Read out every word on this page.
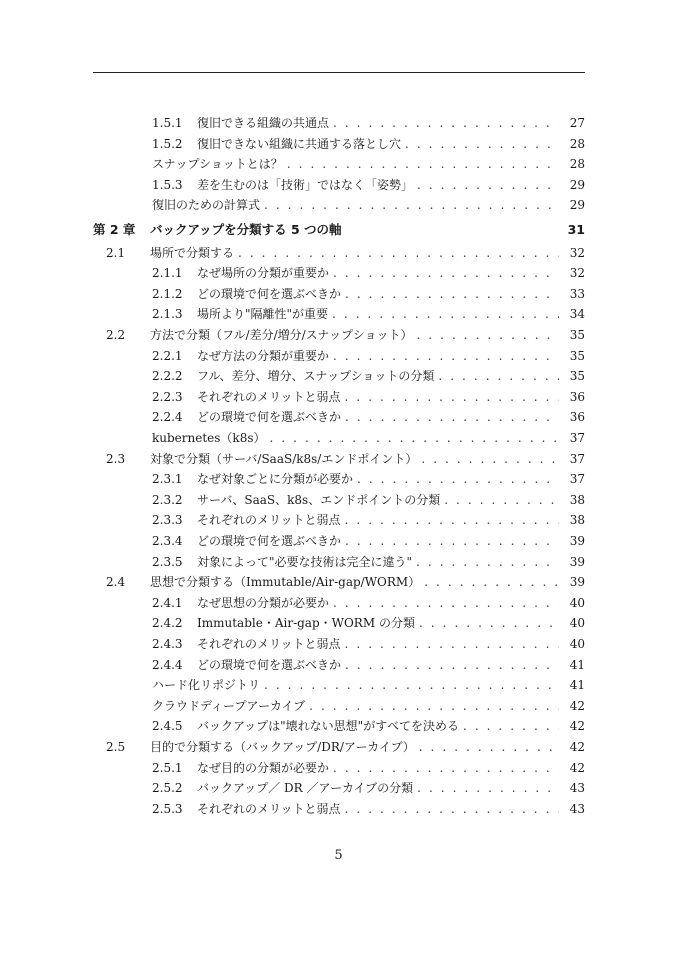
1.5.1 復旧できる組織の共通点 . . .	27
1.5.2 復旧できない組織に共通する落とし穴 . . .	28
スナップショットとは？ . . .	28
1.5.3 差を生むのは「技術」ではなく「姿勢」 . . .	29
復旧のための計算式 . . .	29
第 2 章 バックアップを分類する 5 つの軸	31
2.1 場所で分類する . . .	32
2.1.1 なぜ場所の分類が重要か . . .	32
2.1.2 どの環境で何を選ぶべきか . . .	33
2.1.3 場所より"隔離性"が重要 . . .	34
2.2 方法で分類（フル/差分/増分/スナップショット） . . .	35
2.2.1 なぜ方法の分類が重要か . . .	35
2.2.2 フル、差分、増分、スナップショットの分類 . . .	35
2.2.3 それぞれのメリットと弱点 . . .	36
2.2.4 どの環境で何を選ぶべきか . . .	36
kubernetes（k8s） . . .	37
2.3 対象で分類（サーバ/SaaS/k8s/エンドポイント） . . .	37
2.3.1 なぜ対象ごとに分類が必要か . . .	37
2.3.2 サーバ、SaaS、k8s、エンドポイントの分類 . . .	38
2.3.3 それぞれのメリットと弱点 . . .	38
2.3.4 どの環境で何を選ぶべきか . . .	39
2.3.5 対象によって"必要な技術は完全に違う" . . .	39
2.4 思想で分類する（Immutable/Air-gap/WORM） . . .	39
2.4.1 なぜ思想の分類が必要か . . .	40
2.4.2 Immutable・Air-gap・WORM の分類 . . .	40
2.4.3 それぞれのメリットと弱点 . . .	40
2.4.4 どの環境で何を選ぶべきか . . .	41
ハード化リポジトリ . . .	41
クラウドディープアーカイブ . . .	42
2.4.5 バックアップは"壊れない思想"がすべてを決める . . .	42
2.5 目的で分類する（バックアップ/DR/アーカイブ） . . .	42
2.5.1 なぜ目的の分類が必要か . . .	42
2.5.2 バックアップ／ DR ／アーカイブの分類 . . .	43
2.5.3 それぞれのメリットと弱点 . . .	43
5
